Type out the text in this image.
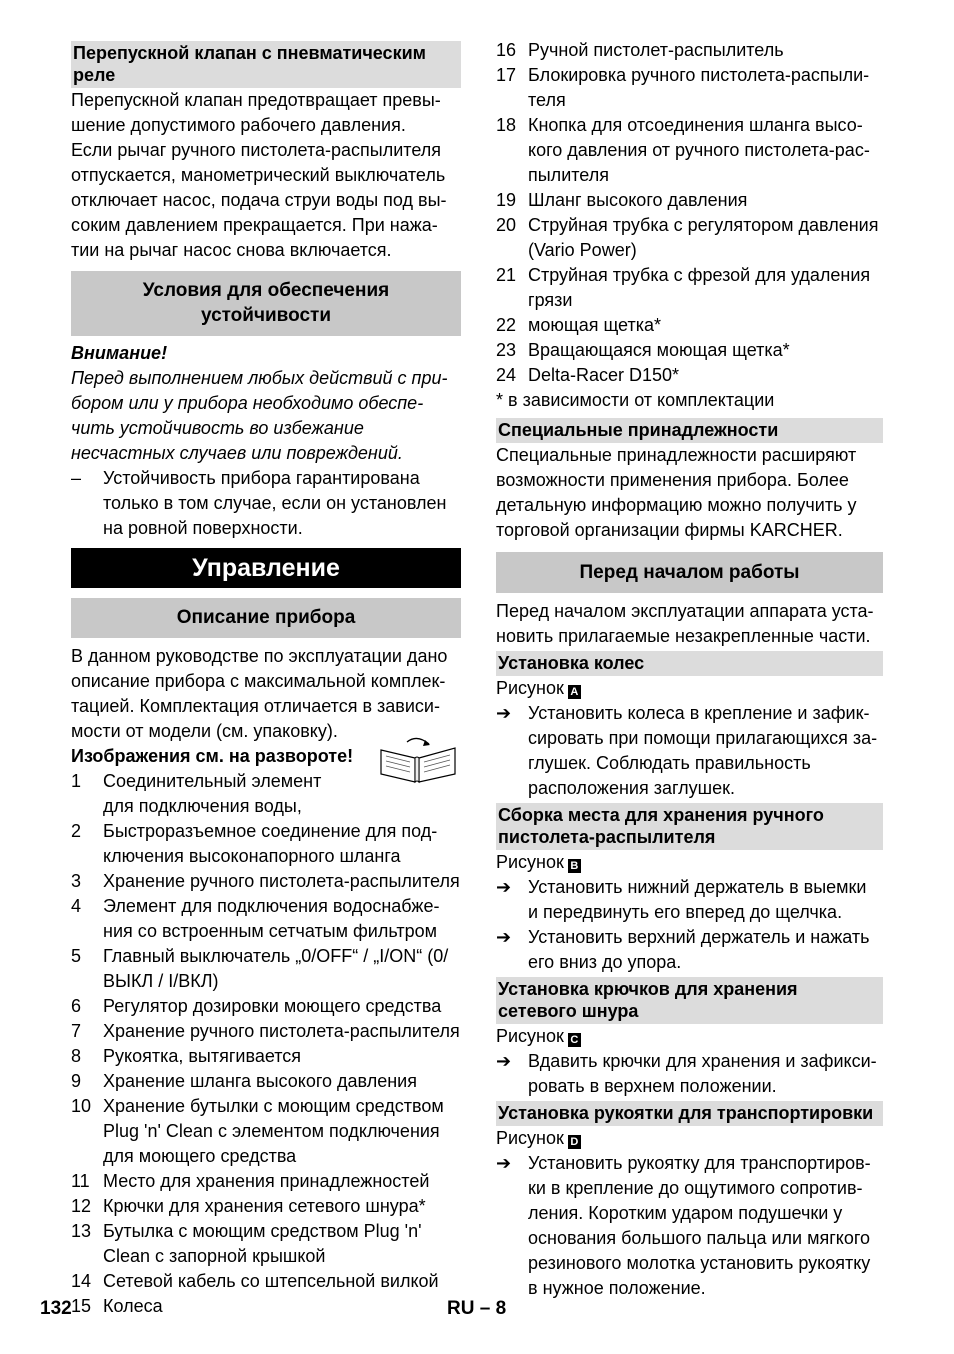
Перепускной клапан с пневматическим реле
Перепускной клапан предотвращает превы-
шение допустимого рабочего давления.
Если рычаг ручного пистолета-распылителя
отпускается, манометрический выключатель
отключает насос, подача струи воды под вы-
соким давлением прекращается. При нажа-
тии на рычаг насос снова включается.
Условия для обеспечения
устойчивости

Внимание!

Перед выполнением любых действий с при-
бором или у прибора необходимо обеспе-
чить устойчивость во избежание
несчастных случаев или повреждений.
–	Устойчивость прибора гарантирована
только в том случае, если он установлен
на ровной поверхности.
Управление
Описание прибора
В данном руководстве по эксплуатации дано
описание прибора с максимальной комплек-
тацией. Комплектация отличается в зависи-
мости от модели (см. упаковку).

Изображения см. на развороте!

1	Соединительный элемент
для подключения воды,
2	Быстроразъемное соединение для под-
ключения высоконапорного шланга
3	Хранение ручного пистолета-распылителя
4	Элемент для подключения водоснабже-
ния со встроенным сетчатым фильтром
5	Главный выключатель „0/OFF“ / „I/ON“ (0/
ВЫКЛ / I/ВКЛ)
6	Регулятор дозировки моющего средства
7	Хранение ручного пистолета-распылителя
8	Рукоятка, вытягивается
9	Хранение шланга высокого давления
10 Хранение бутылки с моющим средством
Plug 'n' Clean с элементом подключения
для моющего средства
11 Место для хранения принадлежностей
12 Крючки для хранения сетевого шнура*
13 Бутылка с моющим средством Plug 'n'
Clean с запорной крышкой
14 Сетевой кабель со штепсельной вилкой
15 Колеса
16 Ручной пистолет-распылитель
17 Блокировка ручного пистолета-распыли-
теля
18 Кнопка для отсоединения шланга высо-
кого давления от ручного пистолета-рас-
пылителя
19 Шланг высокого давления
20 Струйная трубка с регулятором давления
(Vario Power)
21 Струйная трубка с фрезой для удаления
грязи
22 моющая щетка*
23 Вращающаяся моющая щетка*
24 Delta-Racer D150*

* в зависимости от комплектации

Специальные принадлежности
Специальные принадлежности расширяют
возможности применения прибора. Более
детальную информацию можно получить у
торговой организации фирмы KARCHER.
Перед началом работы
Перед началом эксплуатации аппарата уста-
новить прилагаемые незакрепленные части.
Установка колес

Рисунок A

➔ Установить колеса в крепление и зафик-
сировать при помощи прилагающихся за-
глушек. Соблюдать правильность
расположения заглушек.
Сборка места для хранения ручного
пистолета-распылителя

Рисунок B

➔ Установить нижний держатель в выемки
и передвинуть его вперед до щелчка.
➔ Установить верхний держатель и нажать
его вниз до упора.
Установка крючков для хранения
сетевого шнура

Рисунок C

➔ Вдавить крючки для хранения и зафикси-
ровать в верхнем положении.
Установка рукоятки для транспортировки

Рисунок D

➔ Установить рукоятку для транспортиров-
ки в крепление до ощутимого сопротив-
ления. Коротким ударом подушечки у
основания большого пальца или мягкого
резинового молотка установить рукоятку
в нужное положение.
132	RU – 8
